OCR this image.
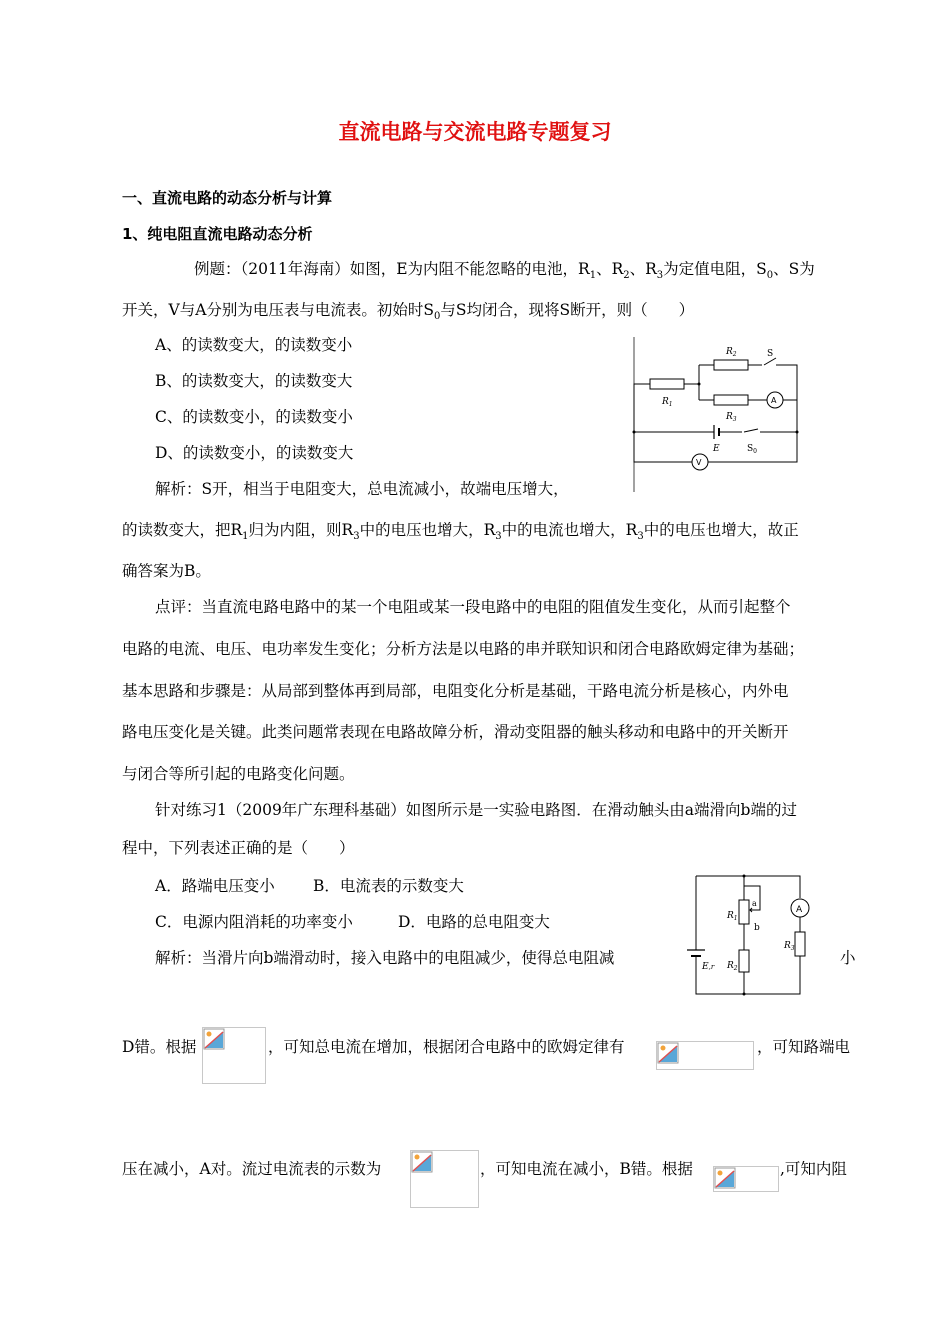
直流电路与交流电路专题复习
一、直流电路的动态分析与计算
1、纯电阻直流电路动态分析
例题：（2011年海南）如图，E为内阻不能忽略的电池，$R_1$、$R_2$、$R_3$为定值电阻，$S_0$、S为
开关，V与A分别为电压表与电流表。初始时$S_0$与S均闭合，现将S断开，则（　　）
A、的读数变大，的读数变小
B、的读数变大，的读数变大
C、的读数变小，的读数变小
D、的读数变小，的读数变大
解析：S开，相当于电阻变大，总电流减小，故端电压增大，
的读数变大，把$R_1$归为内阻，则$R_3$中的电压也增大，$R_3$中的电流也增大，$R_3$中的电压也增大，故正
确答案为B。
$R_1$
$R_2$	S
$R_3$
A
E	$S_0$
V
点评：当直流电路电路中的某一个电阻或某一段电路中的电阻的阻值发生变化，从而引起整个
电路的电流、电压、电功率发生变化；分析方法是以电路的串并联知识和闭合电路欧姆定律为基础；
基本思路和步骤是：从局部到整体再到局部，电阻变化分析是基础，干路电流分析是核心，内外电
路电压变化是关键。此类问题常表现在电路故障分析，滑动变阻器的触头移动和电路中的开关断开
与闭合等所引起的电路变化问题。
针对练习1（2009年广东理科基础）如图所示是一实验电路图．在滑动触头由a端滑向b端的过
程中，下列表述正确的是（　　）
A．路端电压变小 B．电流表的示数变大
C．电源内阻消耗的功率变小	D．电路的总电阻变大
解析：当滑片向b端滑动时，接入电路中的电阻减少，使得总电阻减	小
$R_1$
a
b
$R_2$
$R_3$
A
E,r
D错。根据	，可知总电流在增加，根据闭合电路中的欧姆定律有	，可知路端电
压在减小，A对。流过电流表的示数为	，可知电流在减小，B错。根据	,可知内阻
